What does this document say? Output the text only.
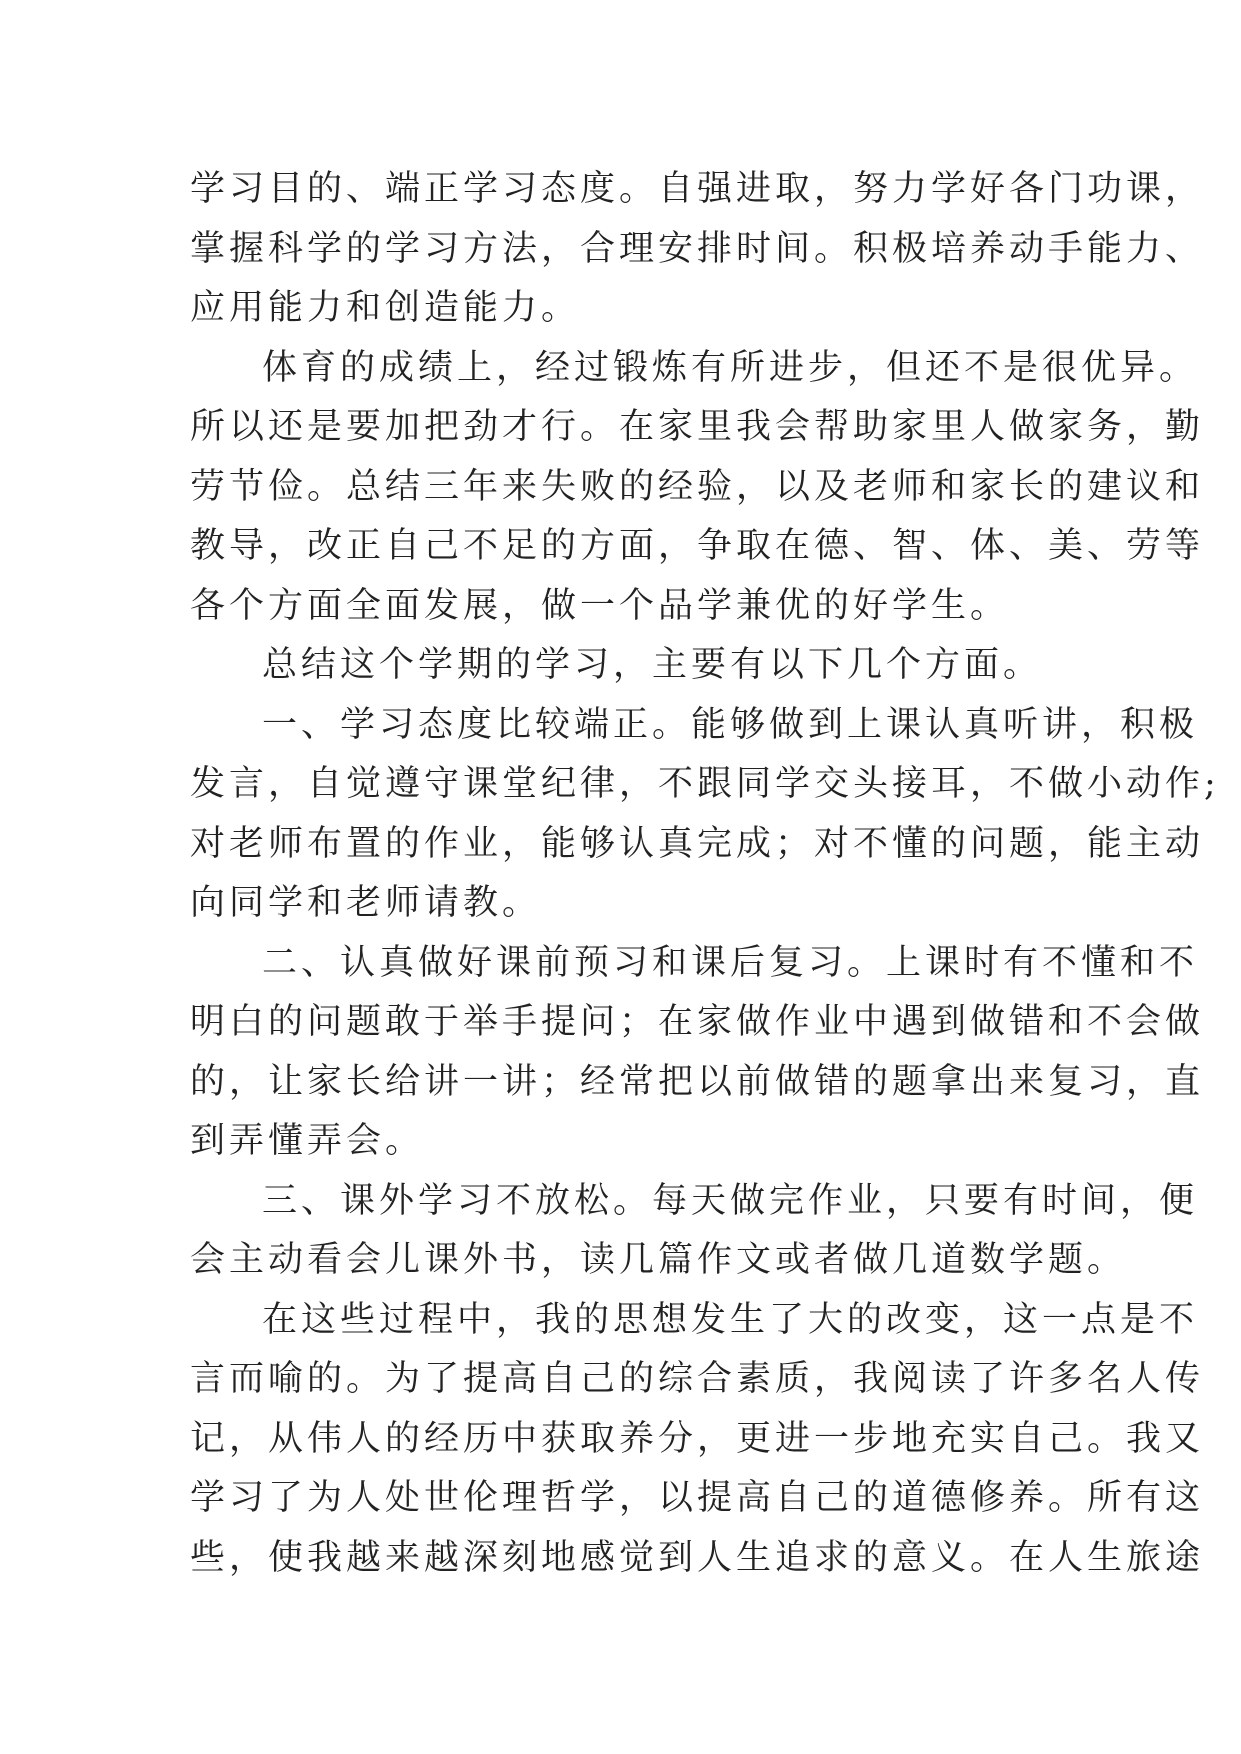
学习目的、端正学习态度。自强进取，努力学好各门功课，
掌握科学的学习方法，合理安排时间。积极培养动手能力、
应用能力和创造能力。
体育的成绩上，经过锻炼有所进步，但还不是很优异。
所以还是要加把劲才行。在家里我会帮助家里人做家务，勤
劳节俭。总结三年来失败的经验，以及老师和家长的建议和
教导，改正自己不足的方面，争取在德、智、体、美、劳等
各个方面全面发展，做一个品学兼优的好学生。
总结这个学期的学习，主要有以下几个方面。
一、学习态度比较端正。能够做到上课认真听讲，积极
发言，自觉遵守课堂纪律，不跟同学交头接耳，不做小动作;
对老师布置的作业，能够认真完成；对不懂的问题，能主动
向同学和老师请教。
二、认真做好课前预习和课后复习。上课时有不懂和不
明白的问题敢于举手提问；在家做作业中遇到做错和不会做
的，让家长给讲一讲；经常把以前做错的题拿出来复习，直
到弄懂弄会。
三、课外学习不放松。每天做完作业，只要有时间，便
会主动看会儿课外书，读几篇作文或者做几道数学题。
在这些过程中，我的思想发生了大的改变，这一点是不
言而喻的。为了提高自己的综合素质，我阅读了许多名人传
记，从伟人的经历中获取养分，更进一步地充实自己。我又
学习了为人处世伦理哲学，以提高自己的道德修养。所有这
些，使我越来越深刻地感觉到人生追求的意义。在人生旅途
